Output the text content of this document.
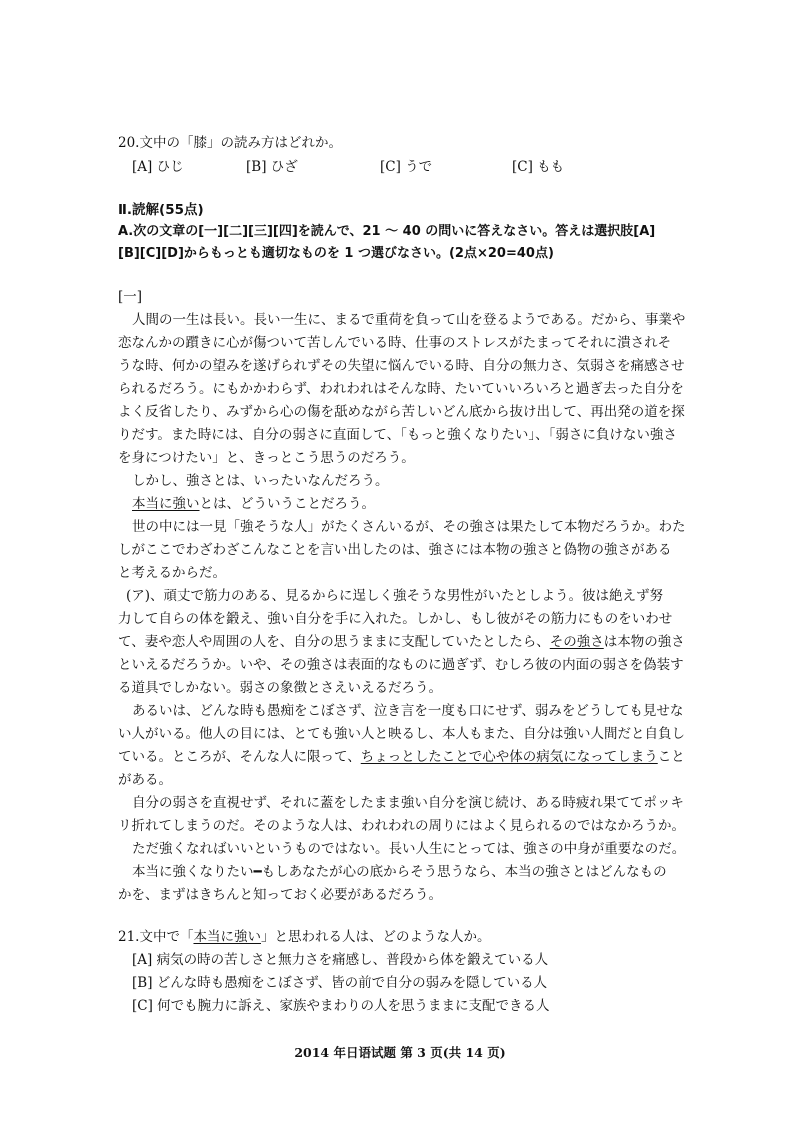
20.文中の「膝」の読み方はどれか。
[A] ひじ	[B] ひざ	[C] うで	[C] もも
Ⅱ.読解(55点)
A.次の文章の[一][二][三][四]を読んで、21 ～ 40 の問いに答えなさい。答えは選択肢[A]
[B][C][D]からもっとも適切なものを 1 つ選びなさい。(2点×20=40点)
[一]
人間の一生は長い。長い一生に、まるで重荷を負って山を登るようである。だから、事業や
恋なんかの躓きに心が傷ついて苦しんでいる時、仕事のストレスがたまってそれに潰されそ
うな時、何かの望みを遂げられずその失望に悩んでいる時、自分の無力さ、気弱さを痛感させ
られるだろう。にもかかわらず、われわれはそんな時、たいていいろいろと過ぎ去った自分を
よく反省したり、みずから心の傷を舐めながら苦しいどん底から抜け出して、再出発の道を探
りだす。また時には、自分の弱さに直面して、「もっと強くなりたい」、「弱さに負けない強さ
を身につけたい」と、きっとこう思うのだろう。
しかし、強さとは、いったいなんだろう。
本当に強いとは、どういうことだろう。
世の中には一見「強そうな人」がたくさんいるが、その強さは果たして本物だろうか。わた
しがここでわざわざこんなことを言い出したのは、強さには本物の強さと偽物の強さがある
と考えるからだ。
(ア)、頑丈で筋力のある、見るからに逞しく強そうな男性がいたとしよう。彼は絶えず努
力して自らの体を鍛え、強い自分を手に入れた。しかし、もし彼がその筋力にものをいわせ
て、妻や恋人や周囲の人を、自分の思うままに支配していたとしたら、その強さは本物の強さ
といえるだろうか。いや、その強さは表面的なものに過ぎず、むしろ彼の内面の弱さを偽装す
る道具でしかない。弱さの象徴とさえいえるだろう。
あるいは、どんな時も愚痴をこぼさず、泣き言を一度も口にせず、弱みをどうしても見せな
い人がいる。他人の目には、とても強い人と映るし、本人もまた、自分は強い人間だと自負し
ている。ところが、そんな人に限って、ちょっとしたことで心や体の病気になってしまうこと
がある。
自分の弱さを直視せず、それに蓋をしたまま強い自分を演じ続け、ある時疲れ果ててポッキ
リ折れてしまうのだ。そのような人は、われわれの周りにはよく見られるのではなかろうか。
ただ強くなればいいというものではない。長い人生にとっては、強さの中身が重要なのだ。
本当に強くなりたい━もしあなたが心の底からそう思うなら、本当の強さとはどんなもの
かを、まずはきちんと知っておく必要があるだろう。
21.文中で「本当に強い」と思われる人は、どのような人か。
[A] 病気の時の苦しさと無力さを痛感し、普段から体を鍛えている人
[B] どんな時も愚痴をこぼさず、皆の前で自分の弱みを隠している人
[C] 何でも腕力に訴え、家族やまわりの人を思うままに支配できる人
2014 年日语试题 第 3 页(共 14 页)
